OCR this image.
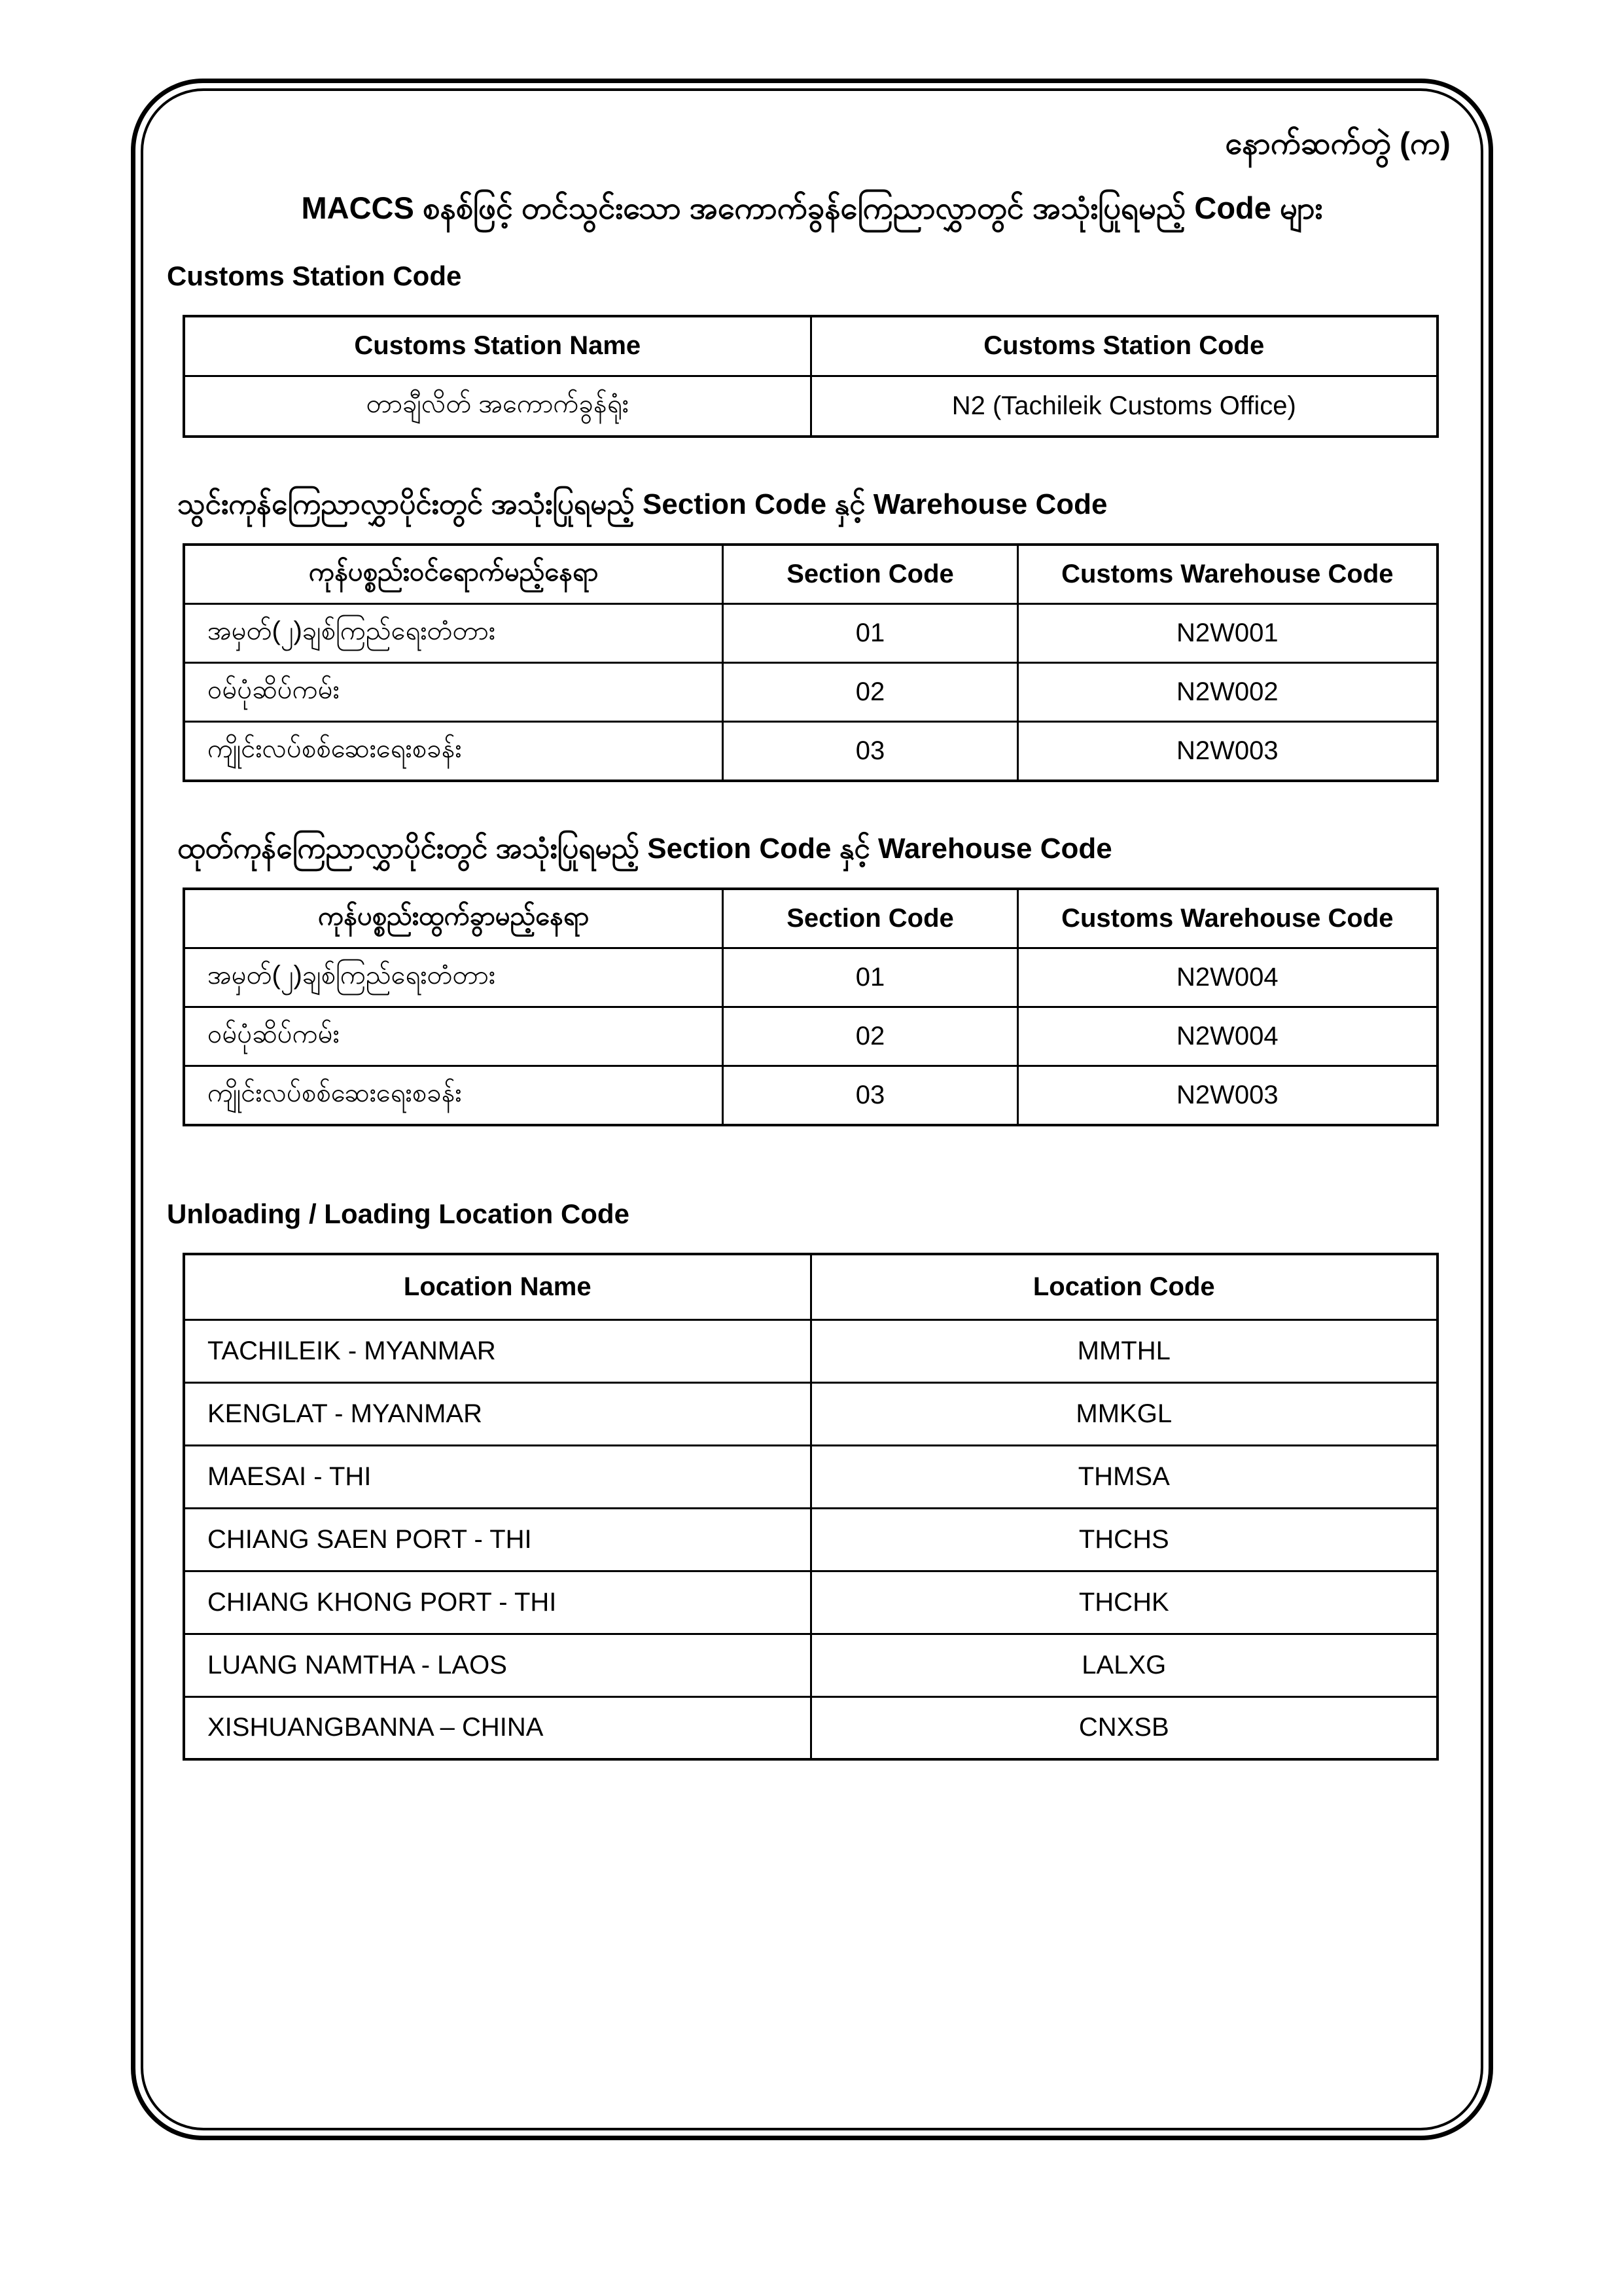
နောက်ဆက်တွဲ (က)
MACCS စနစ်ဖြင့် တင်သွင်းသော အကောက်ခွန်ကြေညာလွှာတွင် အသုံးပြုရမည့် Code များ
Customs Station Code
Customs Station Name	Customs Station Code
တာချီလိတ် အကောက်ခွန်ရုံး	N2 (Tachileik Customs Office)
သွင်းကုန်ကြေညာလွှာပိုင်းတွင် အသုံးပြုရမည့် Section Code နှင့် Warehouse Code
ကုန်ပစ္စည်းဝင်ရောက်မည့်နေရာ	Section Code	Customs Warehouse Code
အမှတ်(၂)ချစ်ကြည်ရေးတံတား	01	N2W001
ဝမ်ပုံဆိပ်ကမ်း	02	N2W002
ကျိုင်းလပ်စစ်ဆေးရေးစခန်း	03	N2W003
ထုတ်ကုန်ကြေညာလွှာပိုင်းတွင် အသုံးပြုရမည့် Section Code နှင့် Warehouse Code
ကုန်ပစ္စည်းထွက်ခွာမည့်နေရာ	Section Code	Customs Warehouse Code
အမှတ်(၂)ချစ်ကြည်ရေးတံတား	01	N2W004
ဝမ်ပုံဆိပ်ကမ်း	02	N2W004
ကျိုင်းလပ်စစ်ဆေးရေးစခန်း	03	N2W003
Unloading / Loading Location Code
Location Name	Location Code
TACHILEIK - MYANMAR	MMTHL
KENGLAT - MYANMAR	MMKGL
MAESAI - THI	THMSA
CHIANG SAEN PORT - THI	THCHS
CHIANG KHONG PORT - THI	THCHK
LUANG NAMTHA - LAOS	LALXG
XISHUANGBANNA – CHINA	CNXSB
